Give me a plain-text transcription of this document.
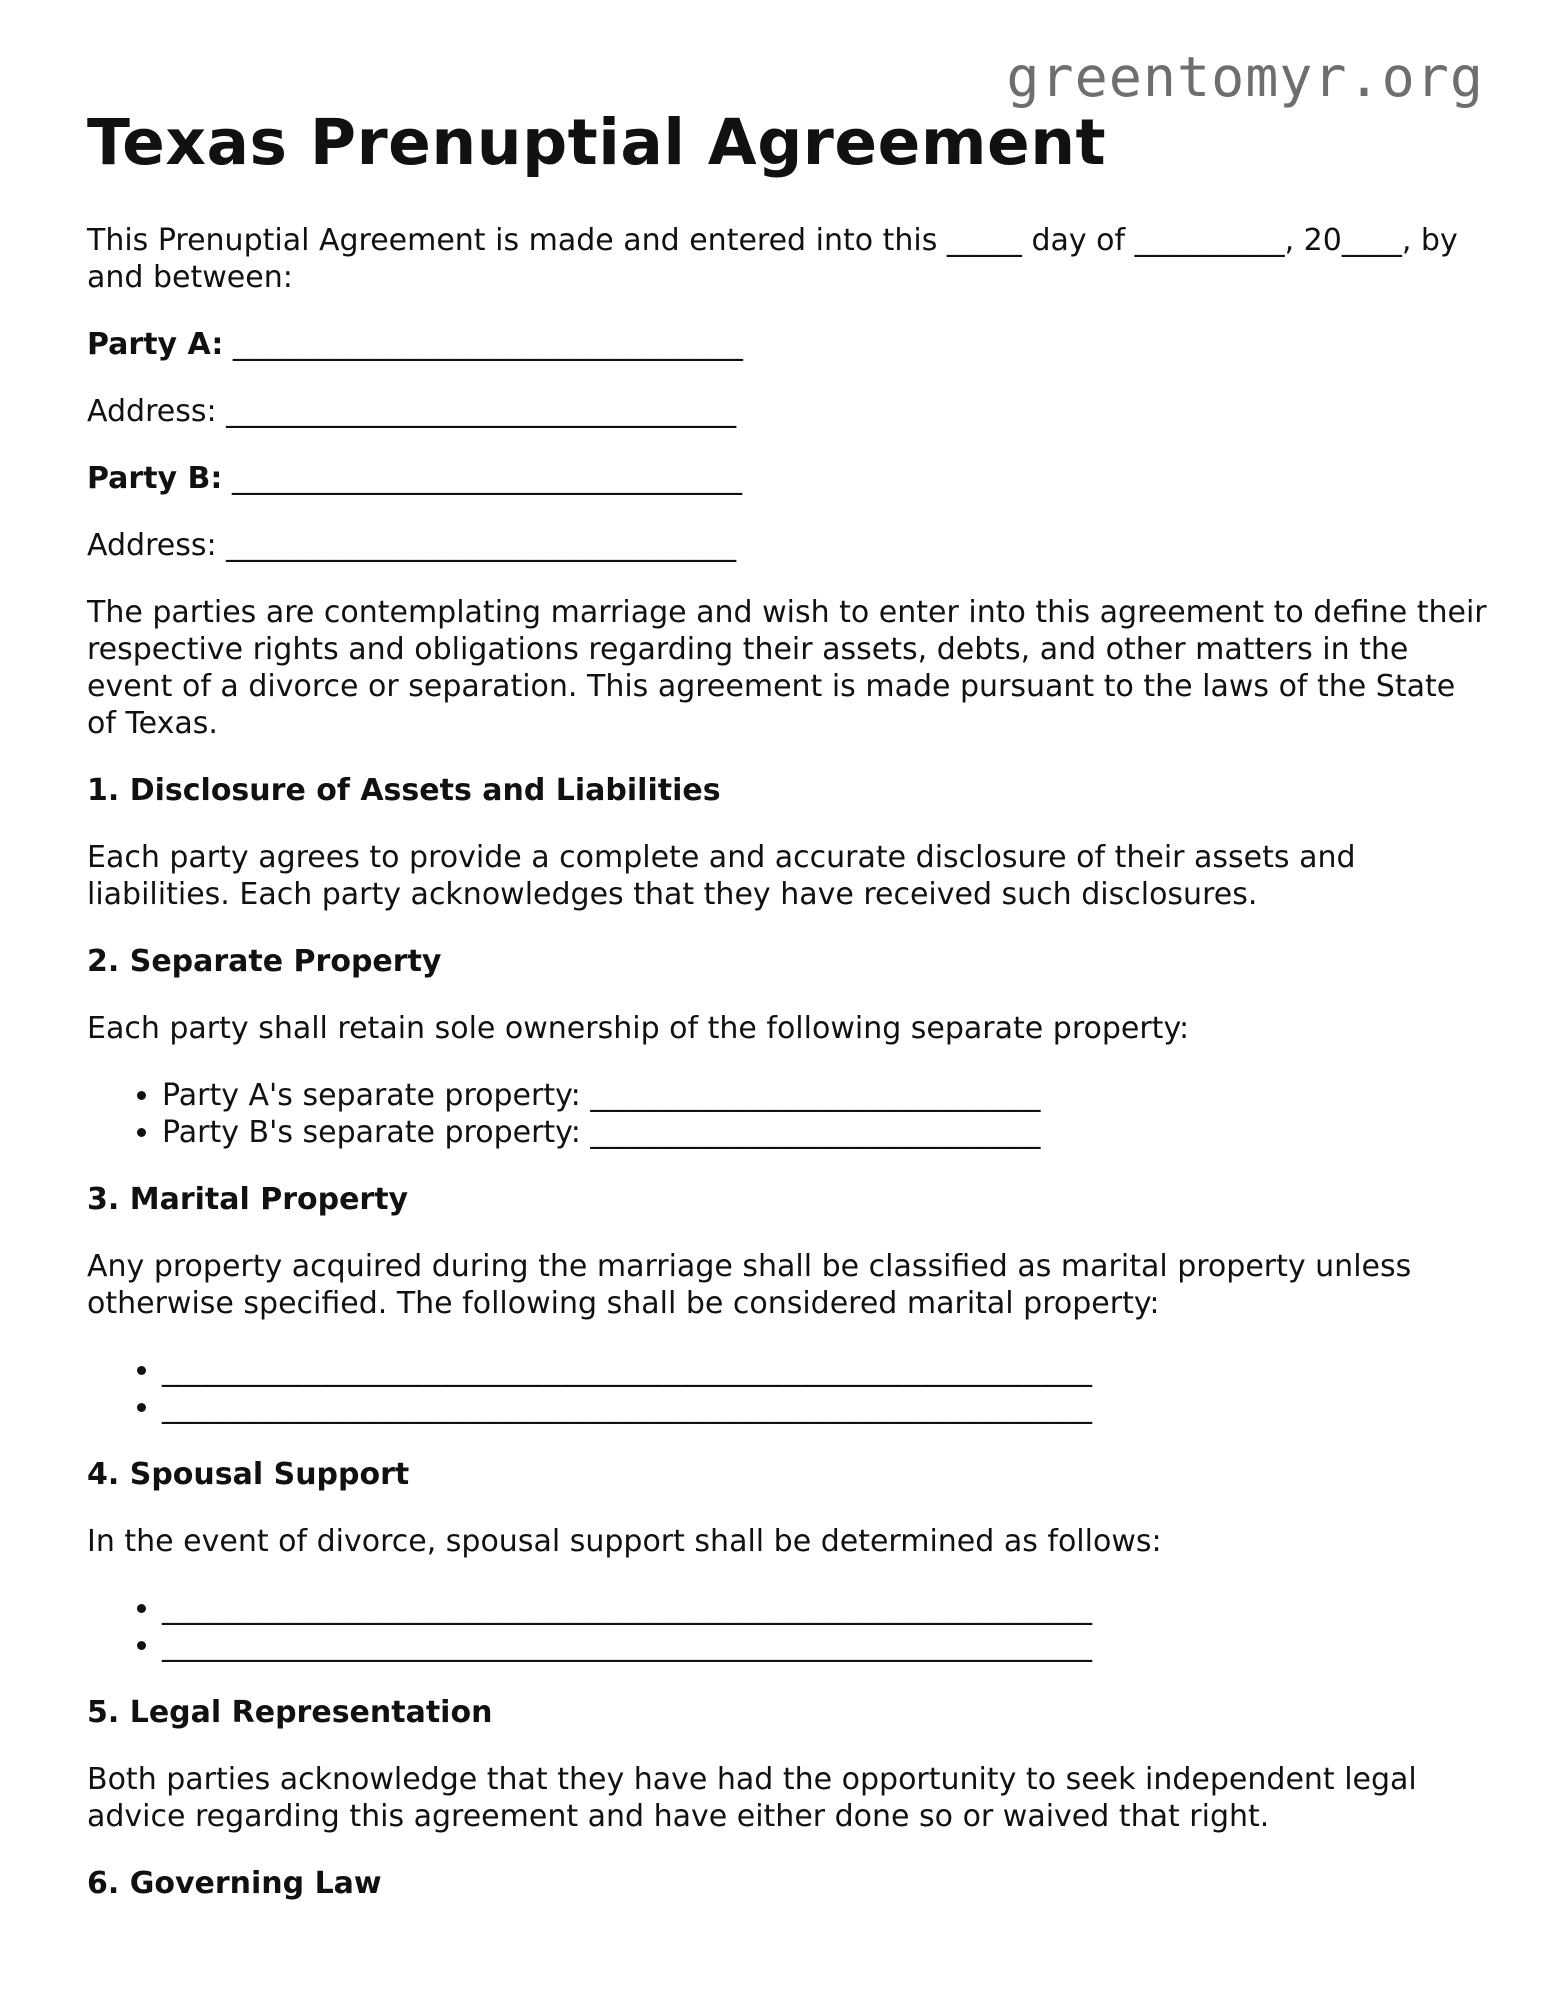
greentomyr.org
Texas Prenuptial Agreement

This Prenuptial Agreement is made and entered into this _____ day of __________, 20____, by and between:

Party A: __________________________________

Address: __________________________________

Party B: __________________________________

Address: __________________________________

The parties are contemplating marriage and wish to enter into this agreement to define their respective rights and obligations regarding their assets, debts, and other matters in the event of a divorce or separation. This agreement is made pursuant to the laws of the State of Texas.

1. Disclosure of Assets and Liabilities

Each party agrees to provide a complete and accurate disclosure of their assets and liabilities. Each party acknowledges that they have received such disclosures.

2. Separate Property

Each party shall retain sole ownership of the following separate property:

• Party A's separate property: ______________________________
• Party B's separate property: ______________________________
3. Marital Property

Any property acquired during the marriage shall be classified as marital property unless otherwise specified. The following shall be considered marital property:

• ______________________________________________________________
• ______________________________________________________________
4. Spousal Support

In the event of divorce, spousal support shall be determined as follows:

• ______________________________________________________________
• ______________________________________________________________
5. Legal Representation

Both parties acknowledge that they have had the opportunity to seek independent legal advice regarding this agreement and have either done so or waived that right.

6. Governing Law
